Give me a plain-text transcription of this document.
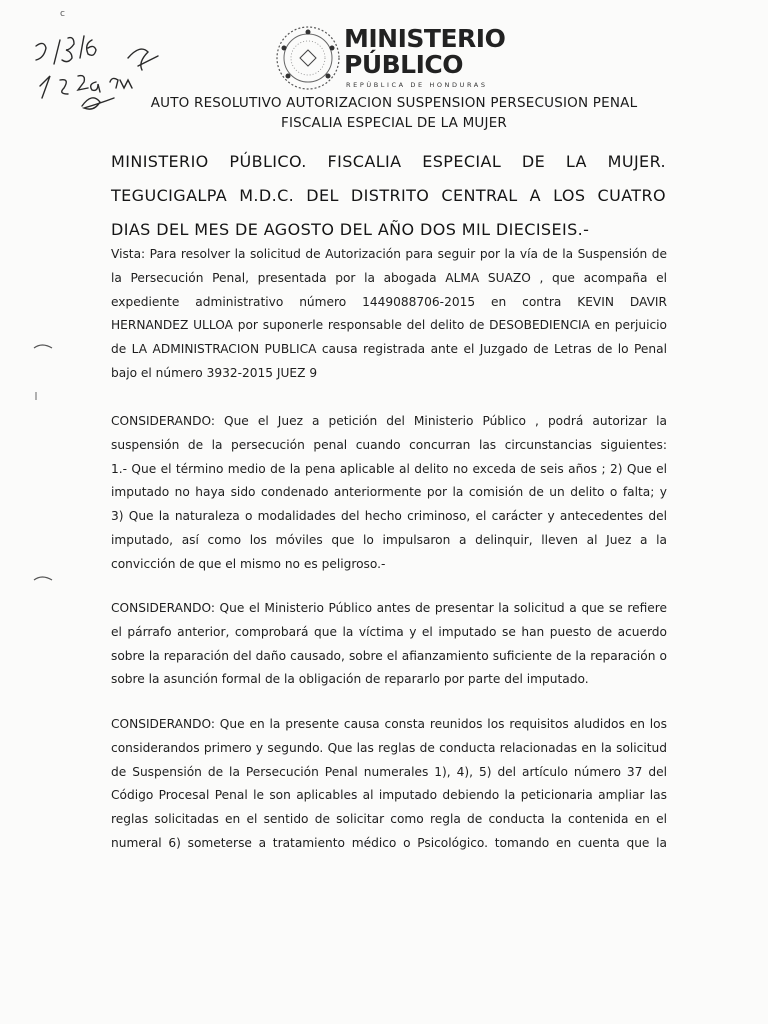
c
MINISTERIO
PÚBLICO
REPÚBLICA DE HONDURAS
AUTO RESOLUTIVO AUTORIZACION SUSPENSION PERSECUSION PENAL
FISCALIA ESPECIAL DE LA MUJER
MINISTERIO PÚBLICO. FISCALIA ESPECIAL DE LA MUJER.
TEGUCIGALPA M.D.C. DEL DISTRITO CENTRAL A LOS CUATRO
DIAS DEL MES DE AGOSTO DEL AÑO DOS MIL DIECISEIS.-
Vista: Para resolver la solicitud de Autorización para seguir por la vía de la Suspensión de
la Persecución Penal, presentada por la abogada ALMA SUAZO , que acompaña el
expediente administrativo número 1449088706-2015 en contra KEVIN DAVIR
HERNANDEZ ULLOA por suponerle responsable del delito de DESOBEDIENCIA en perjuicio
de LA ADMINISTRACION PUBLICA causa registrada ante el Juzgado de Letras de lo Penal
bajo el número 3932-2015 JUEZ 9
CONSIDERANDO: Que el Juez a petición del Ministerio Público , podrá autorizar la
suspensión de la persecución penal cuando concurran las circunstancias siguientes:
1.- Que el término medio de la pena aplicable al delito no exceda de seis años ; 2) Que el
imputado no haya sido condenado anteriormente por la comisión de un delito o falta; y
3) Que la naturaleza o modalidades del hecho criminoso, el carácter y antecedentes del
imputado, así como los móviles que lo impulsaron a delinquir, lleven al Juez a la
convicción de que el mismo no es peligroso.-
CONSIDERANDO: Que el Ministerio Público antes de presentar la solicitud a que se refiere
el párrafo anterior, comprobará que la víctima y el imputado se han puesto de acuerdo
sobre la reparación del daño causado, sobre el afianzamiento suficiente de la reparación o
sobre la asunción formal de la obligación de repararlo por parte del imputado.
CONSIDERANDO: Que en la presente causa consta reunidos los requisitos aludidos en los
considerandos primero y segundo. Que las reglas de conducta relacionadas en la solicitud
de Suspensión de la Persecución Penal numerales 1), 4), 5) del artículo número 37 del
Código Procesal Penal le son aplicables al imputado debiendo la peticionaria ampliar las
reglas solicitadas en el sentido de solicitar como regla de conducta la contenida en el
numeral 6) someterse a tratamiento médico o Psicológico. tomando en cuenta que la
